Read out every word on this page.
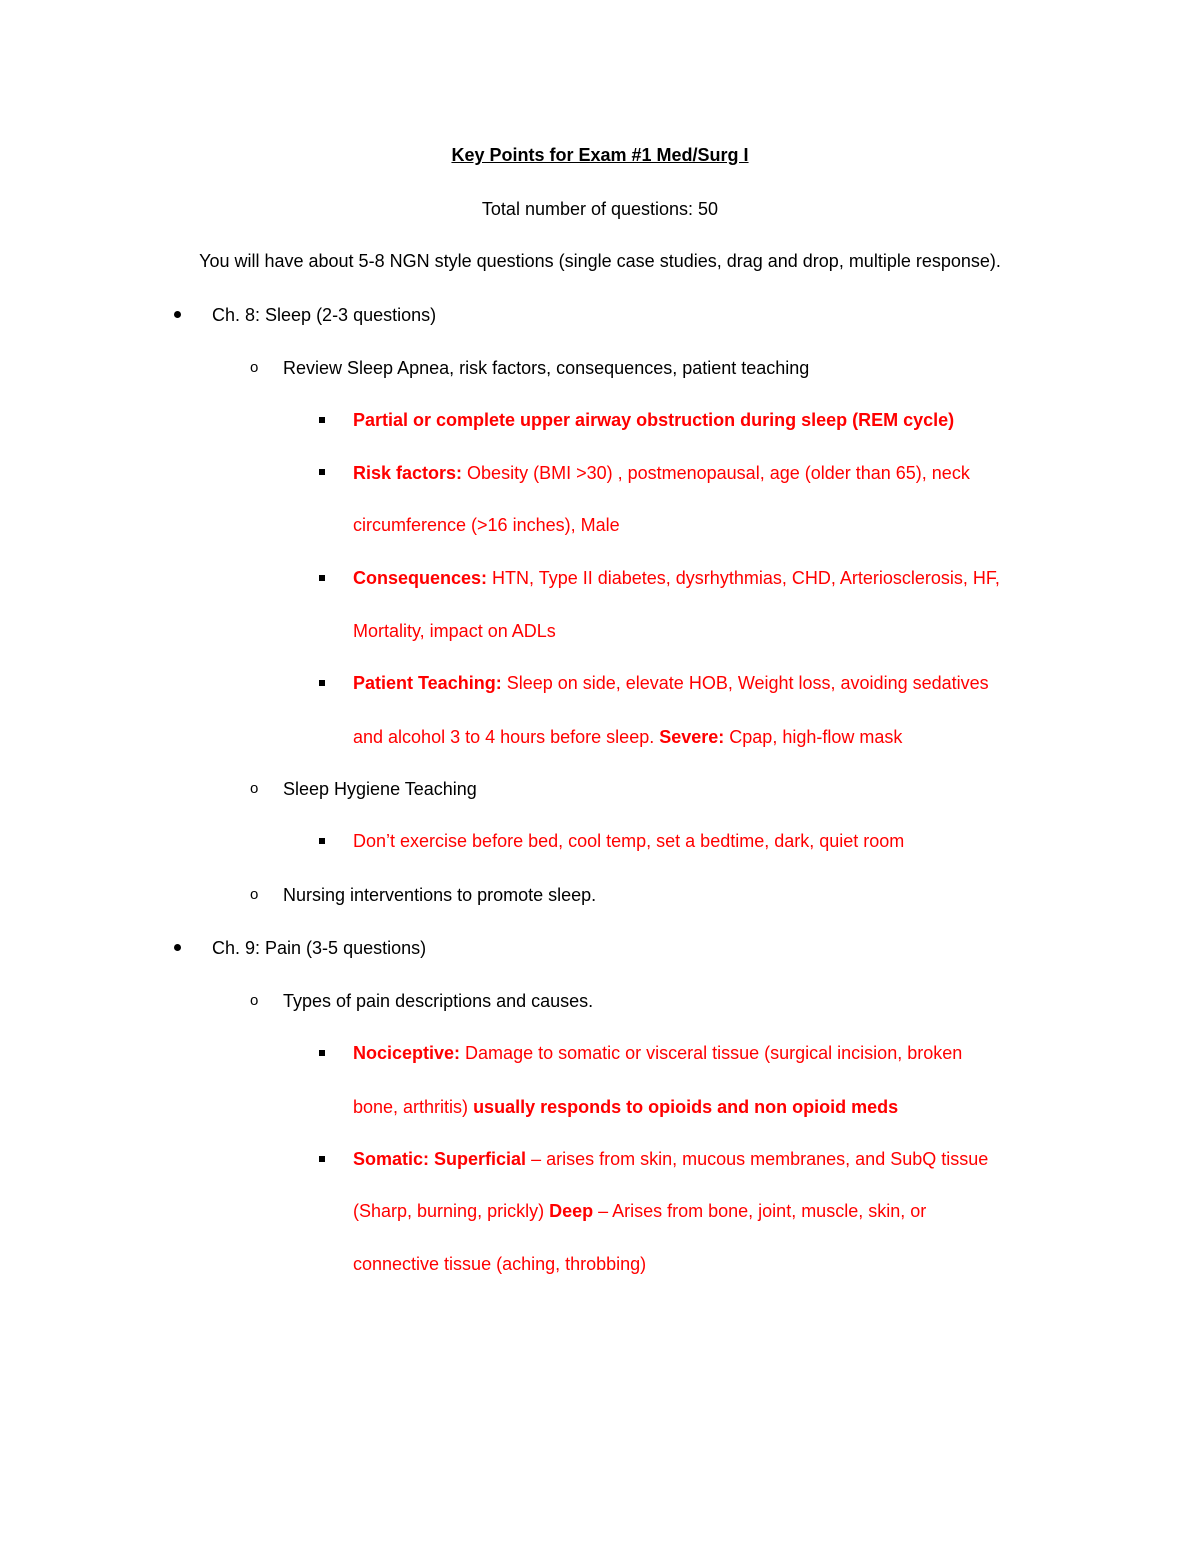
Key Points for Exam #1 Med/Surg I
Total number of questions: 50
You will have about 5-8 NGN style questions (single case studies, drag and drop, multiple response).
Ch. 8: Sleep (2-3 questions)
o Review Sleep Apnea, risk factors, consequences, patient teaching
Partial or complete upper airway obstruction during sleep (REM cycle)
Risk factors: Obesity (BMI >30) , postmenopausal, age (older than 65), neck
circumference (>16 inches), Male
Consequences: HTN, Type II diabetes, dysrhythmias, CHD, Arteriosclerosis, HF,
Mortality, impact on ADLs
Patient Teaching: Sleep on side, elevate HOB, Weight loss, avoiding sedatives
and alcohol 3 to 4 hours before sleep. Severe: Cpap, high-flow mask
o Sleep Hygiene Teaching
Don’t exercise before bed, cool temp, set a bedtime, dark, quiet room
o Nursing interventions to promote sleep.
Ch. 9: Pain (3-5 questions)
o Types of pain descriptions and causes.
Nociceptive: Damage to somatic or visceral tissue (surgical incision, broken
bone, arthritis) usually responds to opioids and non opioid meds
Somatic: Superficial – arises from skin, mucous membranes, and SubQ tissue
(Sharp, burning, prickly) Deep – Arises from bone, joint, muscle, skin, or
connective tissue (aching, throbbing)
